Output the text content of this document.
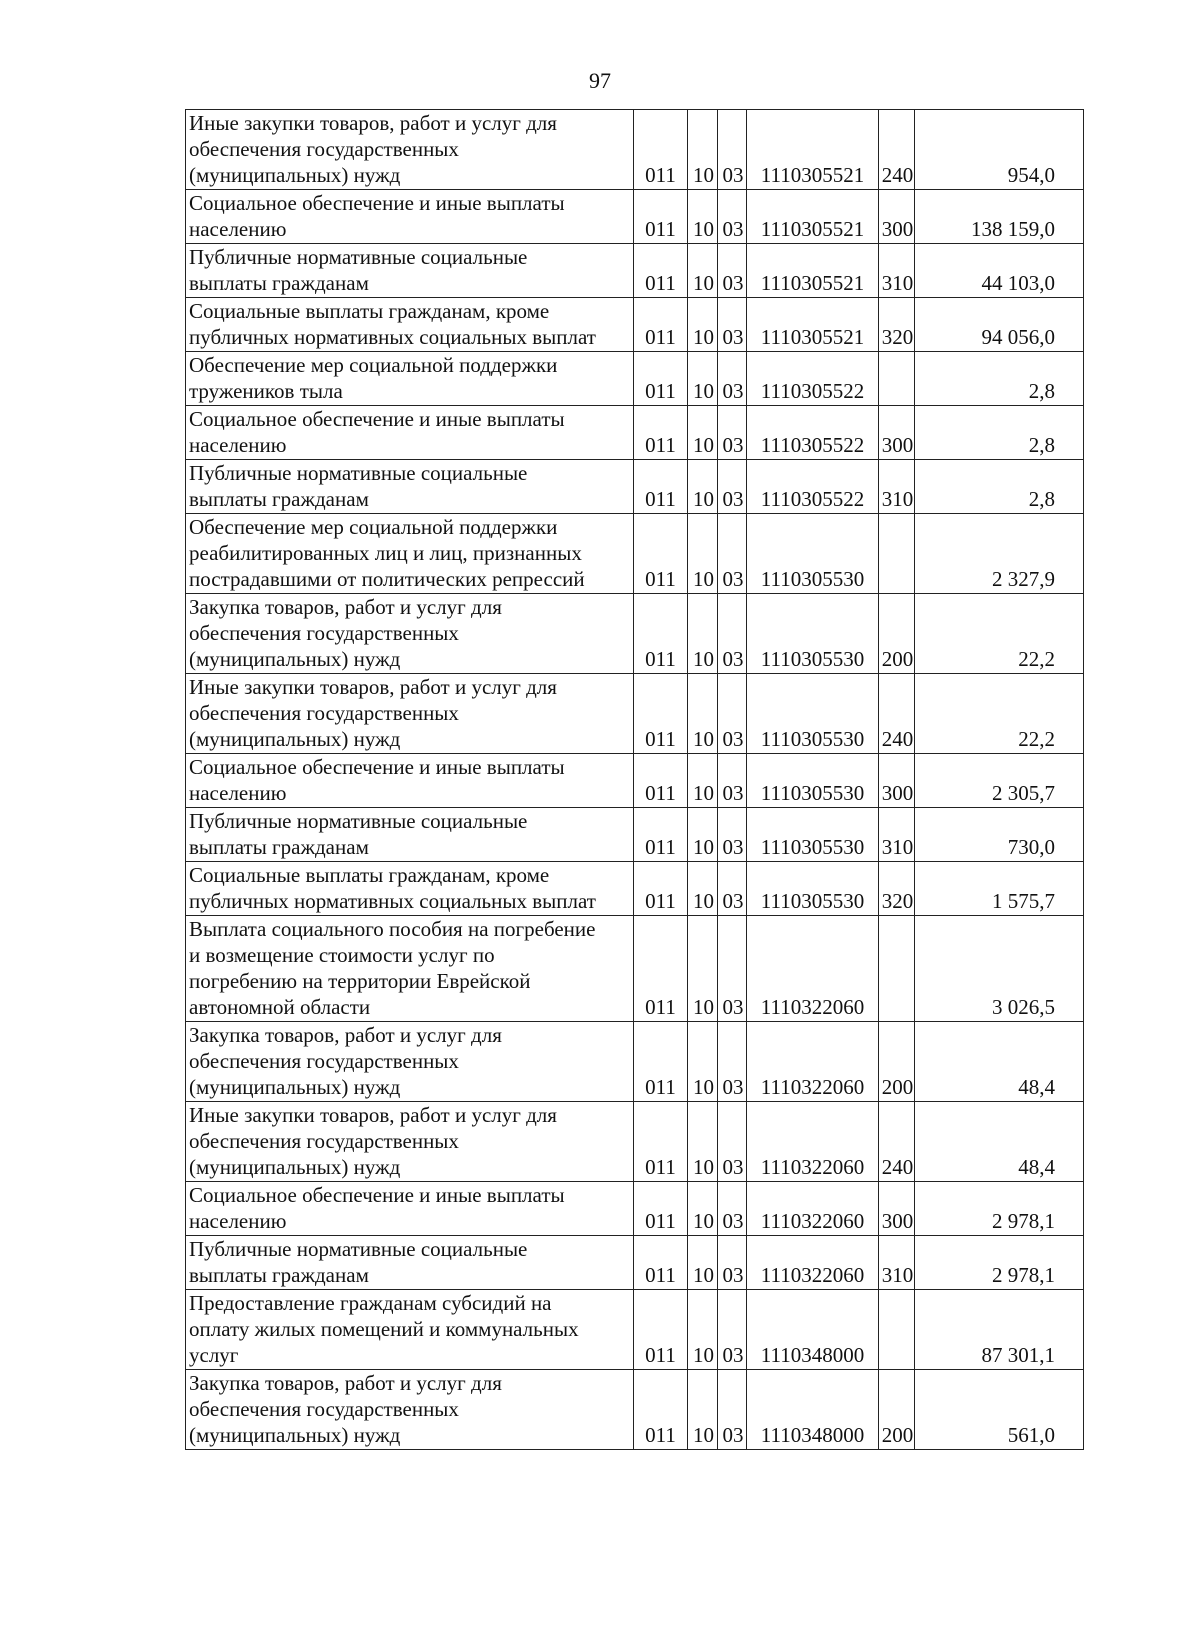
97
Иные закупки товаров, работ и услуг для
обеспечения государственных
(муниципальных) нужд	011	10	03	1110305521	240	954,0
Социальное обеспечение и иные выплаты
населению	011	10	03	1110305521	300	138 159,0
Публичные нормативные социальные
выплаты гражданам	011	10	03	1110305521	310	44 103,0
Социальные выплаты гражданам, кроме
публичных нормативных социальных выплат	011	10	03	1110305521	320	94 056,0
Обеспечение мер социальной поддержки
тружеников тыла	011	10	03	1110305522		2,8
Социальное обеспечение и иные выплаты
населению	011	10	03	1110305522	300	2,8
Публичные нормативные социальные
выплаты гражданам	011	10	03	1110305522	310	2,8
Обеспечение мер социальной поддержки
реабилитированных лиц и лиц, признанных
пострадавшими от политических репрессий	011	10	03	1110305530		2 327,9
Закупка товаров, работ и услуг для
обеспечения государственных
(муниципальных) нужд	011	10	03	1110305530	200	22,2
Иные закупки товаров, работ и услуг для
обеспечения государственных
(муниципальных) нужд	011	10	03	1110305530	240	22,2
Социальное обеспечение и иные выплаты
населению	011	10	03	1110305530	300	2 305,7
Публичные нормативные социальные
выплаты гражданам	011	10	03	1110305530	310	730,0
Социальные выплаты гражданам, кроме
публичных нормативных социальных выплат	011	10	03	1110305530	320	1 575,7
Выплата социального пособия на погребение
и возмещение стоимости услуг по
погребению на территории Еврейской
автономной области	011	10	03	1110322060		3 026,5
Закупка товаров, работ и услуг для
обеспечения государственных
(муниципальных) нужд	011	10	03	1110322060	200	48,4
Иные закупки товаров, работ и услуг для
обеспечения государственных
(муниципальных) нужд	011	10	03	1110322060	240	48,4
Социальное обеспечение и иные выплаты
населению	011	10	03	1110322060	300	2 978,1
Публичные нормативные социальные
выплаты гражданам	011	10	03	1110322060	310	2 978,1
Предоставление гражданам субсидий на
оплату жилых помещений и коммунальных
услуг	011	10	03	1110348000		87 301,1
Закупка товаров, работ и услуг для
обеспечения государственных
(муниципальных) нужд	011	10	03	1110348000	200	561,0
